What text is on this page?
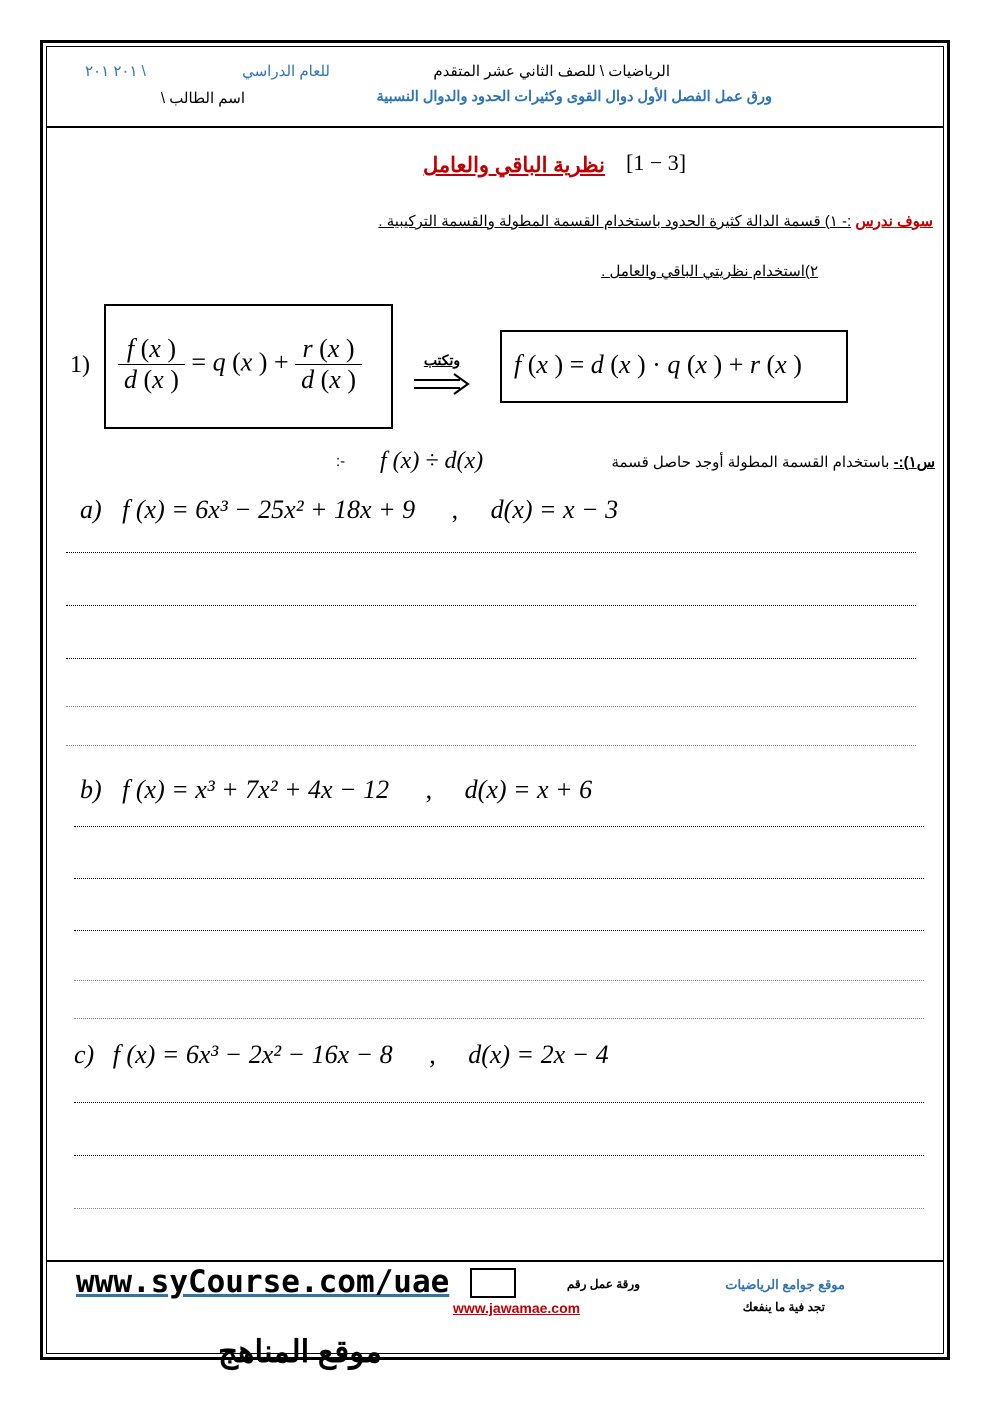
الرياضيات \ للصف الثاني عشر المتقدم
للعام الدراسي
٢٠١ ٢٠١ \
ورق عمل الفصل الأول دوال القوى وكثيرات الحدود والدوال النسبية
اسم الطالب \
[1 − 3]
نظرية الباقي والعامل
سوف ندرس :- ١) قسمة الدالة كثيرة الحدود باستخدام القسمة المطولة والقسمة التركيبية .
٢)استخدام نظريتي الباقي والعامل .
$1) \frac{f (x )}{d (x )} = q$ (x ) + $\frac{r (x )}{d (x )}$	وتكتب	f (x ) = d (x ) · q (x ) + r (x )
س١):- باستخدام القسمة المطولة أوجد حاصل قسمة
f (x) ÷ d(x)
:-
a) f (x) = 6x³ − 25x² + 18x + 9 , d(x) = x − 3
b) f (x) = x³ + 7x² + 4x − 12 , d(x) = x + 6
c) f (x) = 6x³ − 2x² − 16x − 8 , d(x) = 2x − 4
موقع جوامع الرياضيات
تجد فية ما ينفعك
ورقة عمل رقم
www.jawamae.com
www.syCourse.com/uae
موقع المناهج
